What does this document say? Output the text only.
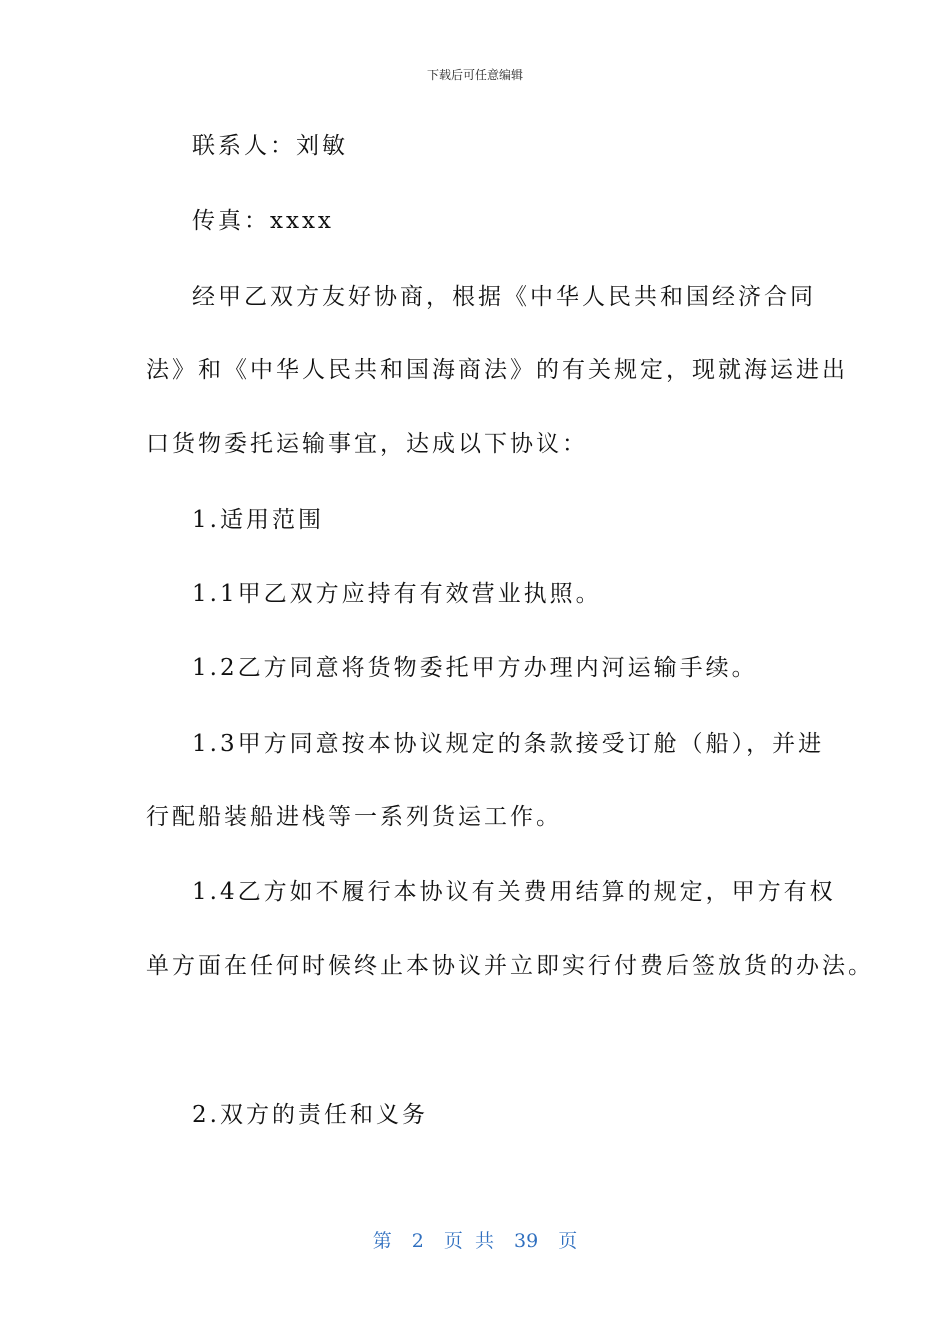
下载后可任意编辑
联系人：刘敏
传真：xxxx
经甲乙双方友好协商，根据《中华人民共和国经济合同
法》和《中华人民共和国海商法》的有关规定，现就海运进出
口货物委托运输事宜，达成以下协议：
1.适用范围
1.1甲乙双方应持有有效营业执照。
1.2乙方同意将货物委托甲方办理内河运输手续。
1.3甲方同意按本协议规定的条款接受订舱（船），并进
行配船装船进栈等一系列货运工作。
1.4乙方如不履行本协议有关费用结算的规定，甲方有权
单方面在任何时候终止本协议并立即实行付费后签放货的办法。
2.双方的责任和义务
第 2 页 共 39 页
